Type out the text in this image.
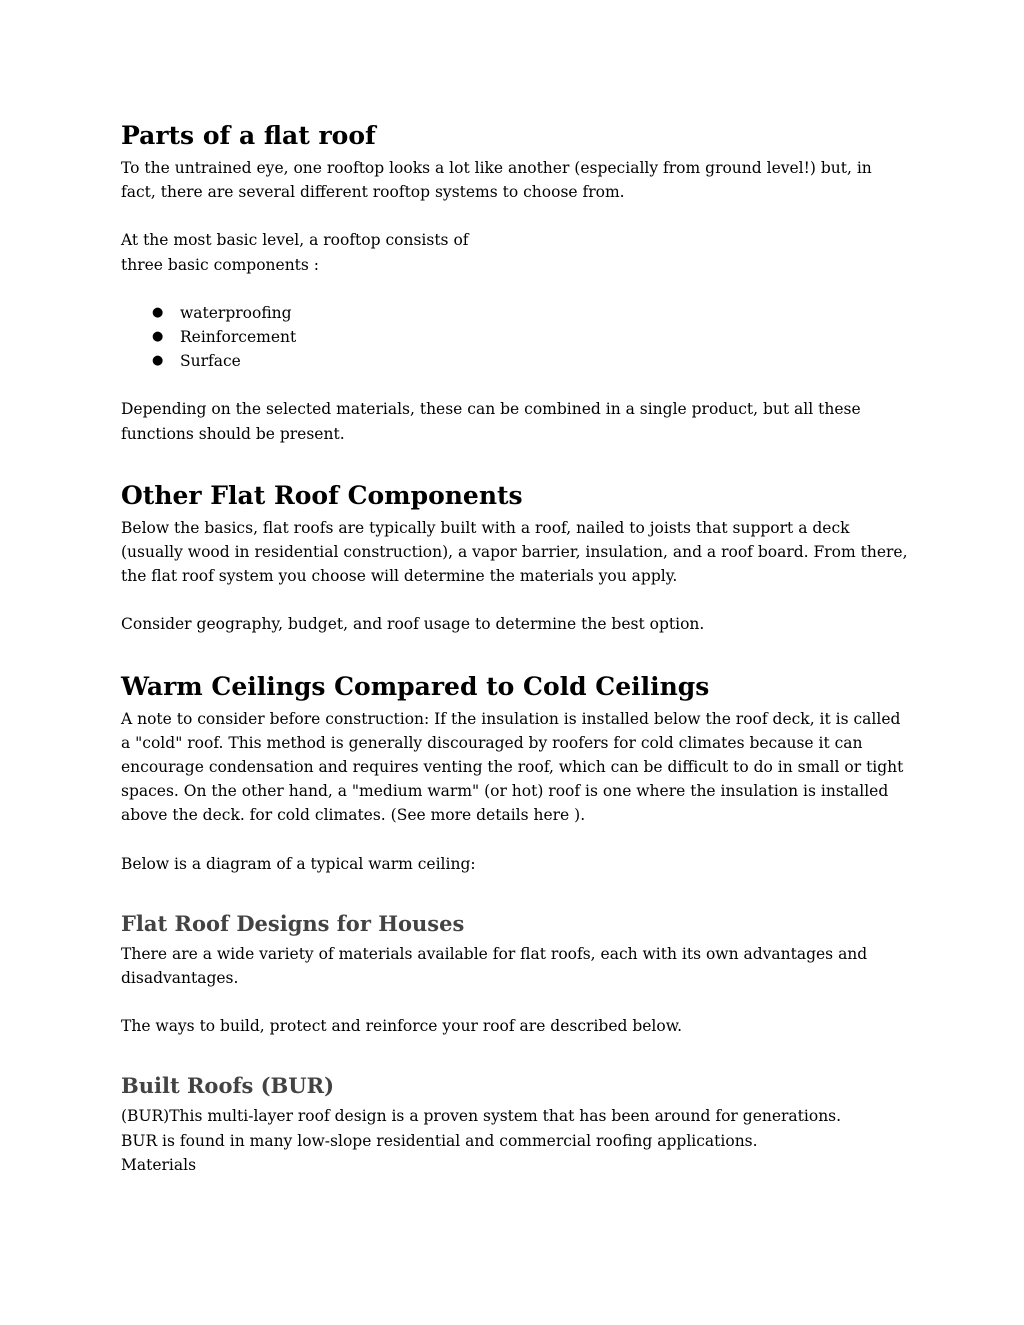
Parts of a flat roof

To the untrained eye, one rooftop looks a lot like another (especially from ground level!) but, in fact, there are several different rooftop systems to choose from.

At the most basic level, a rooftop consists of
three basic components :

● waterproofing
● Reinforcement
● Surface

Depending on the selected materials, these can be combined in a single product, but all these functions should be present.

Other Flat Roof Components

Below the basics, flat roofs are typically built with a roof, nailed to joists that support a deck (usually wood in residential construction), a vapor barrier, insulation, and a roof board. From there, the flat roof system you choose will determine the materials you apply.

Consider geography, budget, and roof usage to determine the best option.

Warm Ceilings Compared to Cold Ceilings

A note to consider before construction: If the insulation is installed below the roof deck, it is called a "cold" roof. This method is generally discouraged by roofers for cold climates because it can encourage condensation and requires venting the roof, which can be difficult to do in small or tight spaces. On the other hand, a "medium warm" (or hot) roof is one where the insulation is installed above the deck. for cold climates. (See more details here ).

Below is a diagram of a typical warm ceiling:

Flat Roof Designs for Houses

There are a wide variety of materials available for flat roofs, each with its own advantages and disadvantages.

The ways to build, protect and reinforce your roof are described below.

Built Roofs (BUR)

(BUR)This multi-layer roof design is a proven system that has been around for generations.
BUR is found in many low-slope residential and commercial roofing applications.
Materials
